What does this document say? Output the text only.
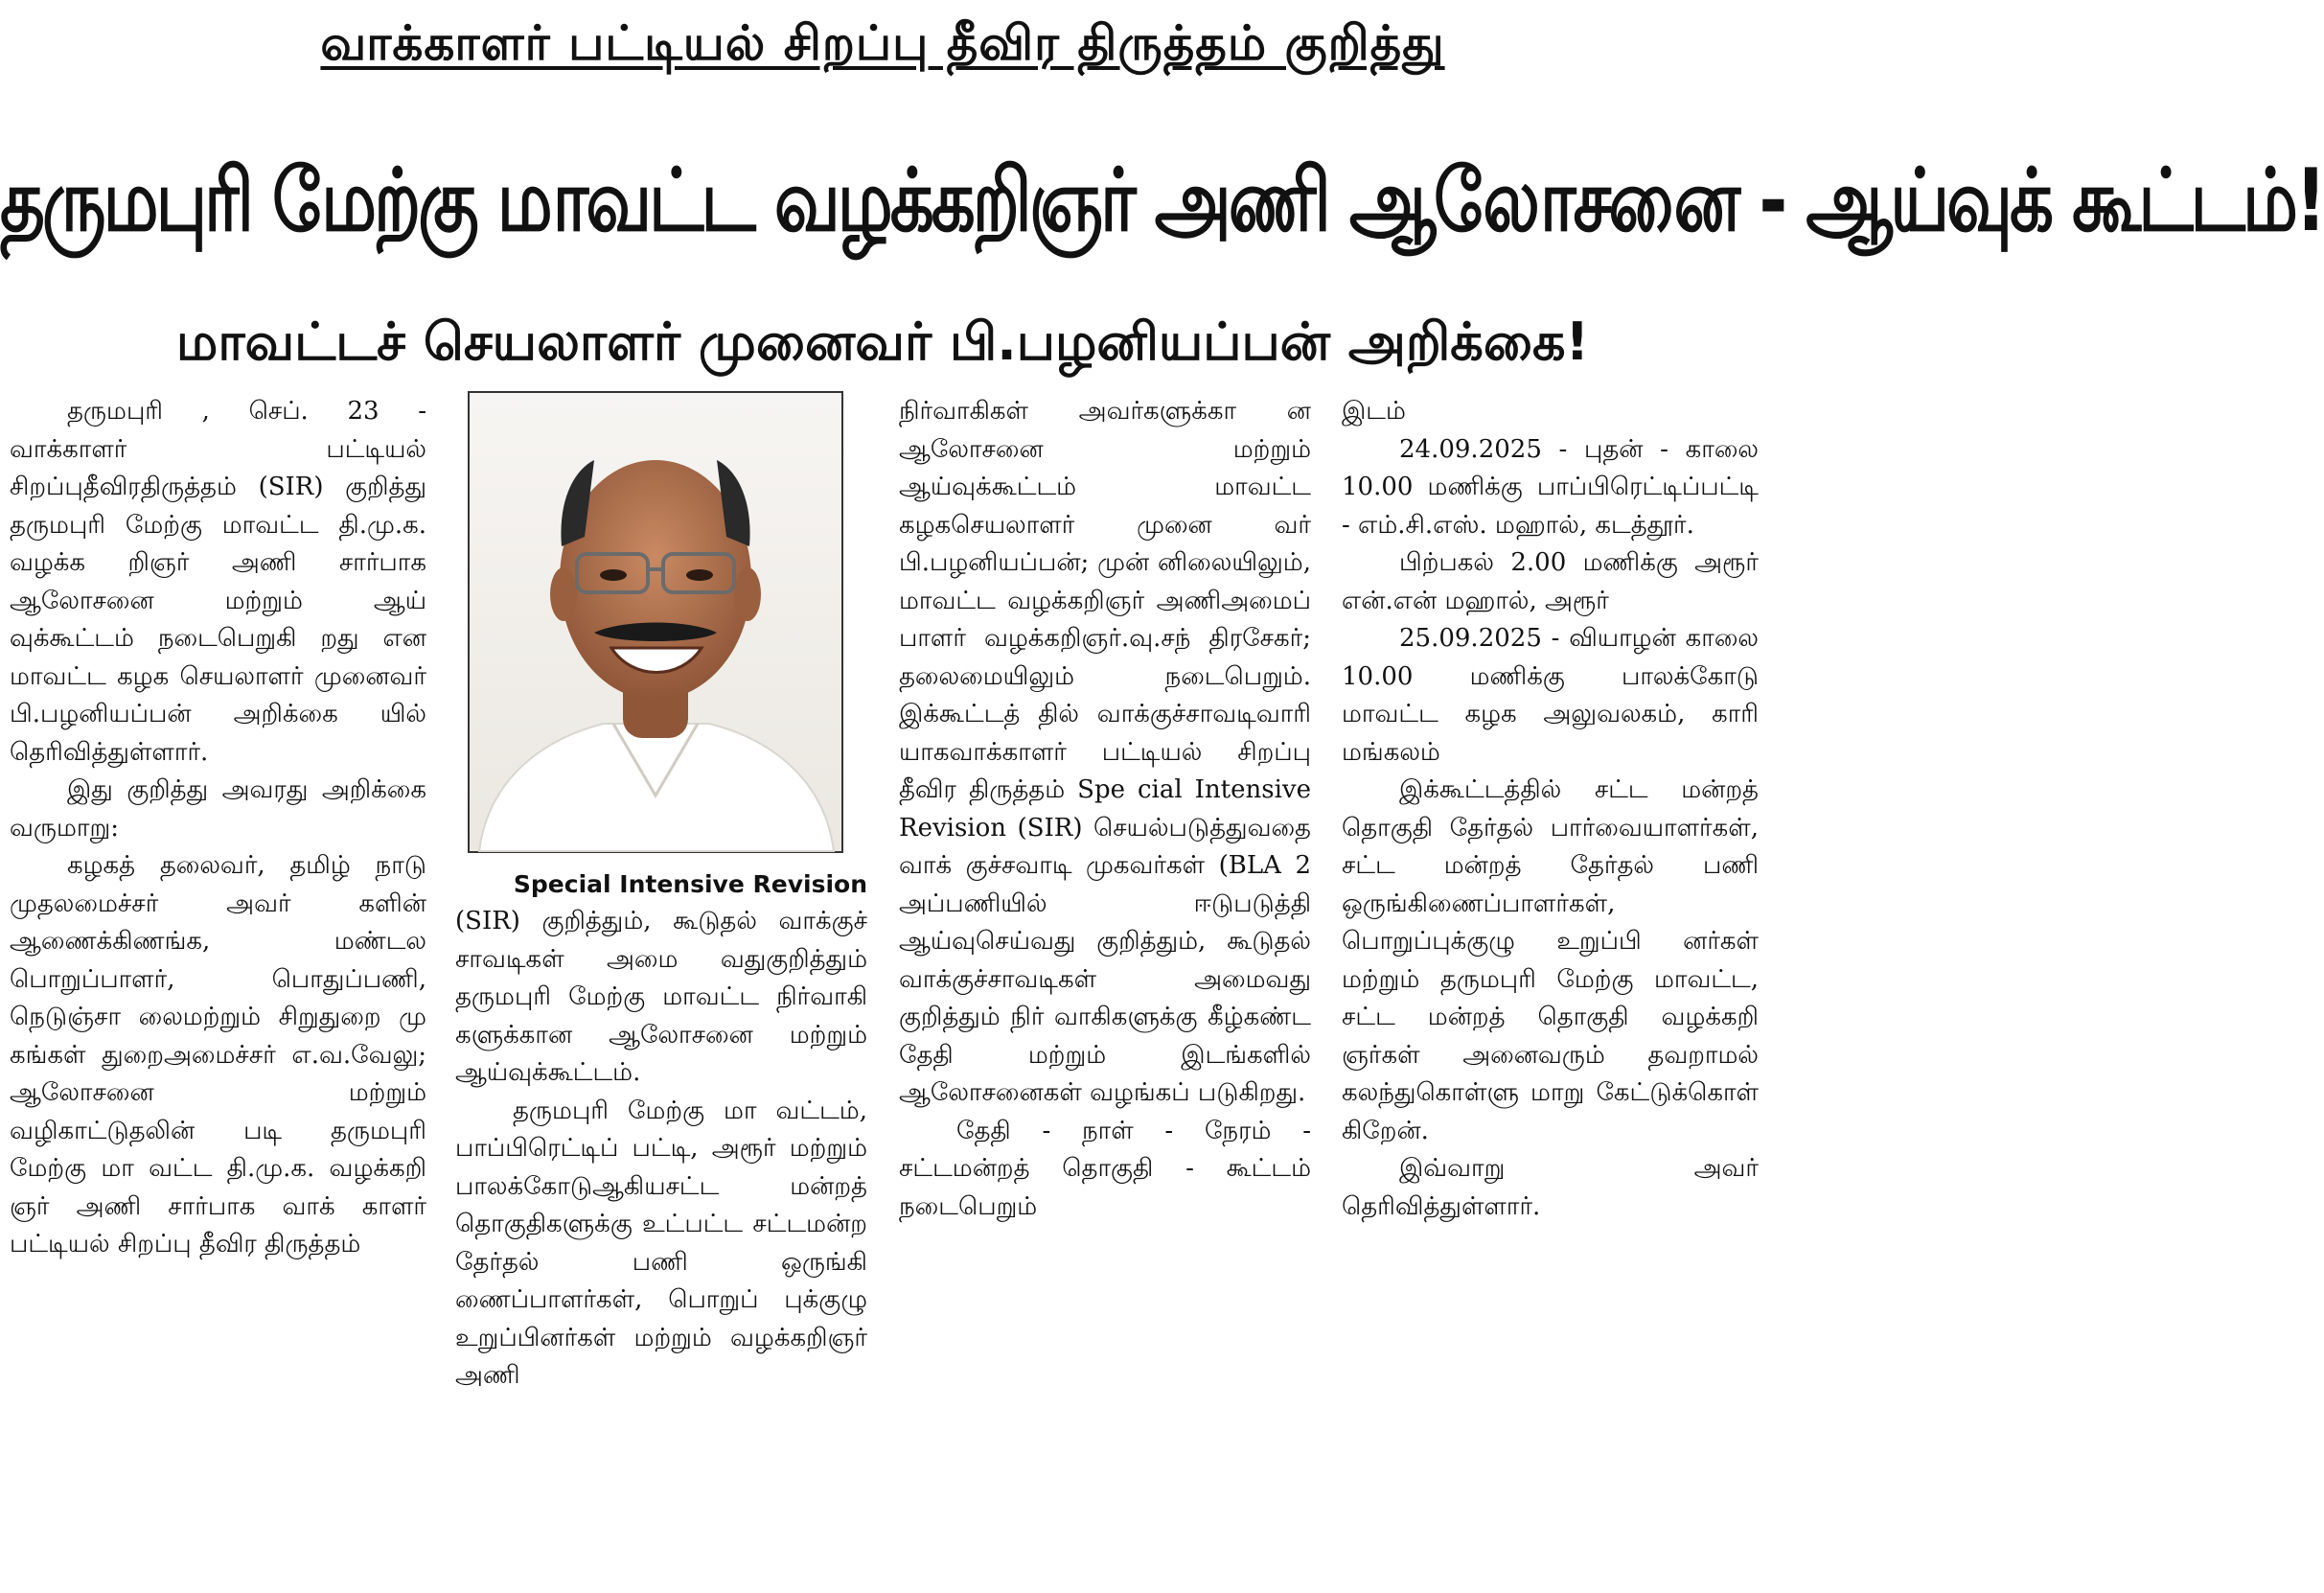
வாக்காளர் பட்டியல் சிறப்பு தீவிர திருத்தம் குறித்து
தருமபுரி மேற்கு மாவட்ட வழக்கறிஞர் அணி ஆலோசனை - ஆய்வுக் கூட்டம்!
மாவட்டச் செயலாளர் முனைவர் பி.பழனியப்பன் அறிக்கை!

தருமபுரி , செப். 23 - வாக்காளர் பட்டியல் சிறப்புதீவிரதிருத்தம் (SIR) குறித்து தருமபுரி மேற்கு மாவட்ட தி.மு.க. வழக்க றிஞர் அணி சார்பாக ஆலோசனை மற்றும் ஆய் வுக்கூட்டம் நடைபெறுகி றது என மாவட்ட கழக செயலாளர் முனைவர் பி.பழனியப்பன் அறிக்கை யில் தெரிவித்துள்ளார்.

இது குறித்து அவரது அறிக்கை வருமாறு:

கழகத் தலைவர், தமிழ் நாடு முதலமைச்சர் அவர் களின் ஆணைக்கிணங்க, மண்டல பொறுப்பாளர், பொதுப்பணி, நெடுஞ்சா லைமற்றும் சிறுதுறை மு கங்கள் துறைஅமைச்சர் எ.வ.வேலு; ஆலோசனை மற்றும் வழிகாட்டுதலின் படி தருமபுரி மேற்கு மா வட்ட தி.மு.க. வழக்கறி ஞர் அணி சார்பாக வாக் காளர் பட்டியல் சிறப்பு தீவிர திருத்தம்

Special Intensive Revision

(SIR) குறித்தும், கூடுதல் வாக்குச் சாவடிகள் அமை வதுகுறித்தும் தருமபுரி மேற்கு மாவட்ட நிர்வாகி களுக்கான ஆலோசனை மற்றும் ஆய்வுக்கூட்டம்.

தருமபுரி மேற்கு மா வட்டம், பாப்பிரெட்டிப் பட்டி, அரூர் மற்றும் பாலக்கோடுஆகியசட்ட மன்றத் தொகுதிகளுக்கு உட்பட்ட சட்டமன்ற தேர்தல் பணி ஒருங்கி ணைப்பாளர்கள், பொறுப் புக்குழு உறுப்பினர்கள் மற்றும் வழக்கறிஞர் அணி

நிர்வாகிகள் அவர்களுக்கா ன ஆலோசனை மற்றும் ஆய்வுக்கூட்டம் மாவட்ட கழகசெயலாளர் முனை வர் பி.பழனியப்பன்; முன் னிலையிலும், மாவட்ட வழக்கறிஞர் அணிஅமைப் பாளர் வழக்கறிஞர்.வு.சந் திரசேகர்; தலைமையிலும் நடைபெறும். இக்கூட்டத் தில் வாக்குச்சாவடிவாரி யாகவாக்காளர் பட்டியல் சிறப்பு தீவிர திருத்தம் Spe cial Intensive Revision (SIR) செயல்படுத்துவதை வாக் குச்சவாடி முகவர்கள் (BLA 2 அப்பணியில் ஈடுபடுத்தி ஆய்வுசெய்வது குறித்தும், கூடுதல் வாக்குச்சாவடிகள் அமைவது குறித்தும் நிர் வாகிகளுக்கு கீழ்கண்ட தேதி மற்றும் இடங்களில் ஆலோசனைகள் வழங்கப் படுகிறது.

தேதி - நாள் - நேரம் - சட்டமன்றத் தொகுதி - கூட்டம் நடைபெறும்

இடம்

24.09.2025 - புதன் - காலை 10.00 மணிக்கு பாப்பிரெட்டிப்பட்டி - எம்.சி.எஸ். மஹால், கடத்தூர்.

பிற்பகல் 2.00 மணிக்கு அரூர் என்.என் மஹால், அரூர்

25.09.2025 - வியாழன் காலை 10.00 மணிக்கு பாலக்கோடு மாவட்ட கழக அலுவலகம், காரி மங்கலம்

இக்கூட்டத்தில் சட்ட மன்றத் தொகுதி தேர்தல் பார்வையாளர்கள், சட்ட மன்றத் தேர்தல் பணி ஒருங்கிணைப்பாளர்கள், பொறுப்புக்குழு உறுப்பி னர்கள் மற்றும் தருமபுரி மேற்கு மாவட்ட, சட்ட மன்றத் தொகுதி வழக்கறி ஞர்கள் அனைவரும் தவறாமல் கலந்துகொள்ளு மாறு கேட்டுக்கொள் கிறேன்.

இவ்வாறு அவர் தெரிவித்துள்ளார்.
